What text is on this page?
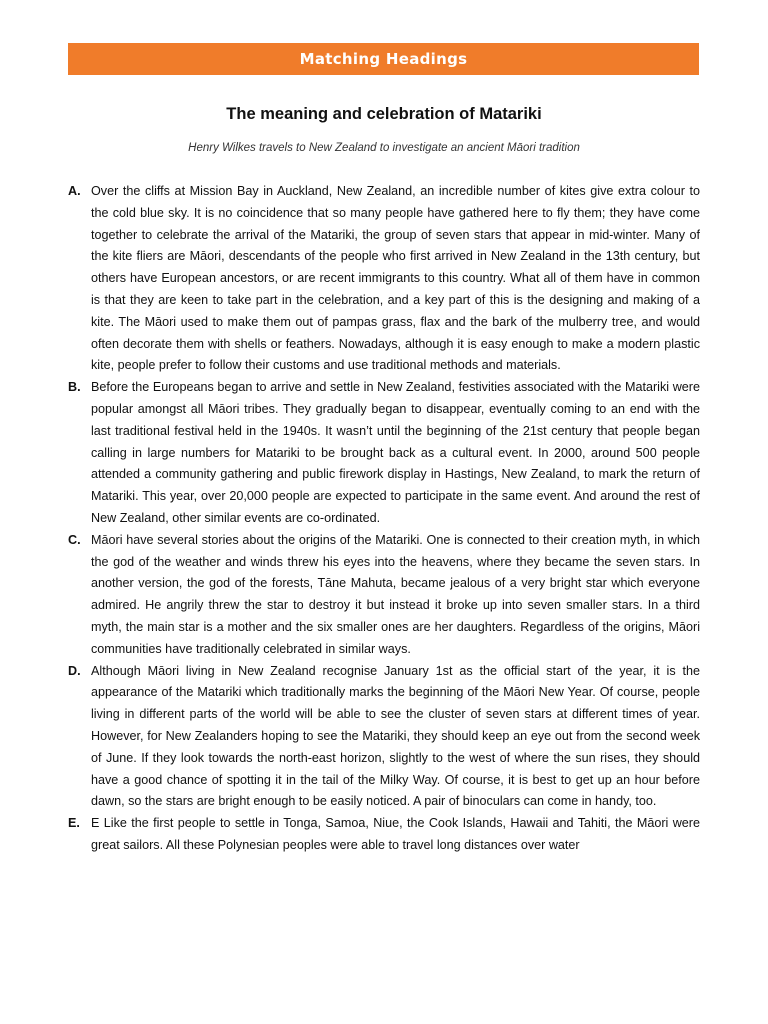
Matching Headings
The meaning and celebration of Matariki
Henry Wilkes travels to New Zealand to investigate an ancient Māori tradition
A. Over the cliffs at Mission Bay in Auckland, New Zealand, an incredible number of kites give extra colour to the cold blue sky. It is no coincidence that so many people have gathered here to fly them; they have come together to celebrate the arrival of the Matariki, the group of seven stars that appear in mid-winter. Many of the kite fliers are Māori, descendants of the people who first arrived in New Zealand in the 13th century, but others have European ancestors, or are recent immigrants to this country. What all of them have in common is that they are keen to take part in the celebration, and a key part of this is the designing and making of a kite. The Māori used to make them out of pampas grass, flax and the bark of the mulberry tree, and would often decorate them with shells or feathers. Nowadays, although it is easy enough to make a modern plastic kite, people prefer to follow their customs and use traditional methods and materials.

B. Before the Europeans began to arrive and settle in New Zealand, festivities associated with the Matariki were popular amongst all Māori tribes. They gradually began to disappear, eventually coming to an end with the last traditional festival held in the 1940s. It wasn’t until the beginning of the 21st century that people began calling in large numbers for Matariki to be brought back as a cultural event. In 2000, around 500 people attended a community gathering and public firework display in Hastings, New Zealand, to mark the return of Matariki. This year, over 20,000 people are expected to participate in the same event. And around the rest of New Zealand, other similar events are co-ordinated.

C. Māori have several stories about the origins of the Matariki. One is connected to their creation myth, in which the god of the weather and winds threw his eyes into the heavens, where they became the seven stars. In another version, the god of the forests, Tāne Mahuta, became jealous of a very bright star which everyone admired. He angrily threw the star to destroy it but instead it broke up into seven smaller stars. In a third myth, the main star is a mother and the six smaller ones are her daughters. Regardless of the origins, Māori communities have traditionally celebrated in similar ways.

D. Although Māori living in New Zealand recognise January 1st as the official start of the year, it is the appearance of the Matariki which traditionally marks the beginning of the Māori New Year. Of course, people living in different parts of the world will be able to see the cluster of seven stars at different times of year. However, for New Zealanders hoping to see the Matariki, they should keep an eye out from the second week of June. If they look towards the north-east horizon, slightly to the west of where the sun rises, they should have a good chance of spotting it in the tail of the Milky Way. Of course, it is best to get up an hour before dawn, so the stars are bright enough to be easily noticed. A pair of binoculars can come in handy, too.

E. E Like the first people to settle in Tonga, Samoa, Niue, the Cook Islands, Hawaii and Tahiti, the Māori were great sailors. All these Polynesian peoples were able to travel long distances over water
